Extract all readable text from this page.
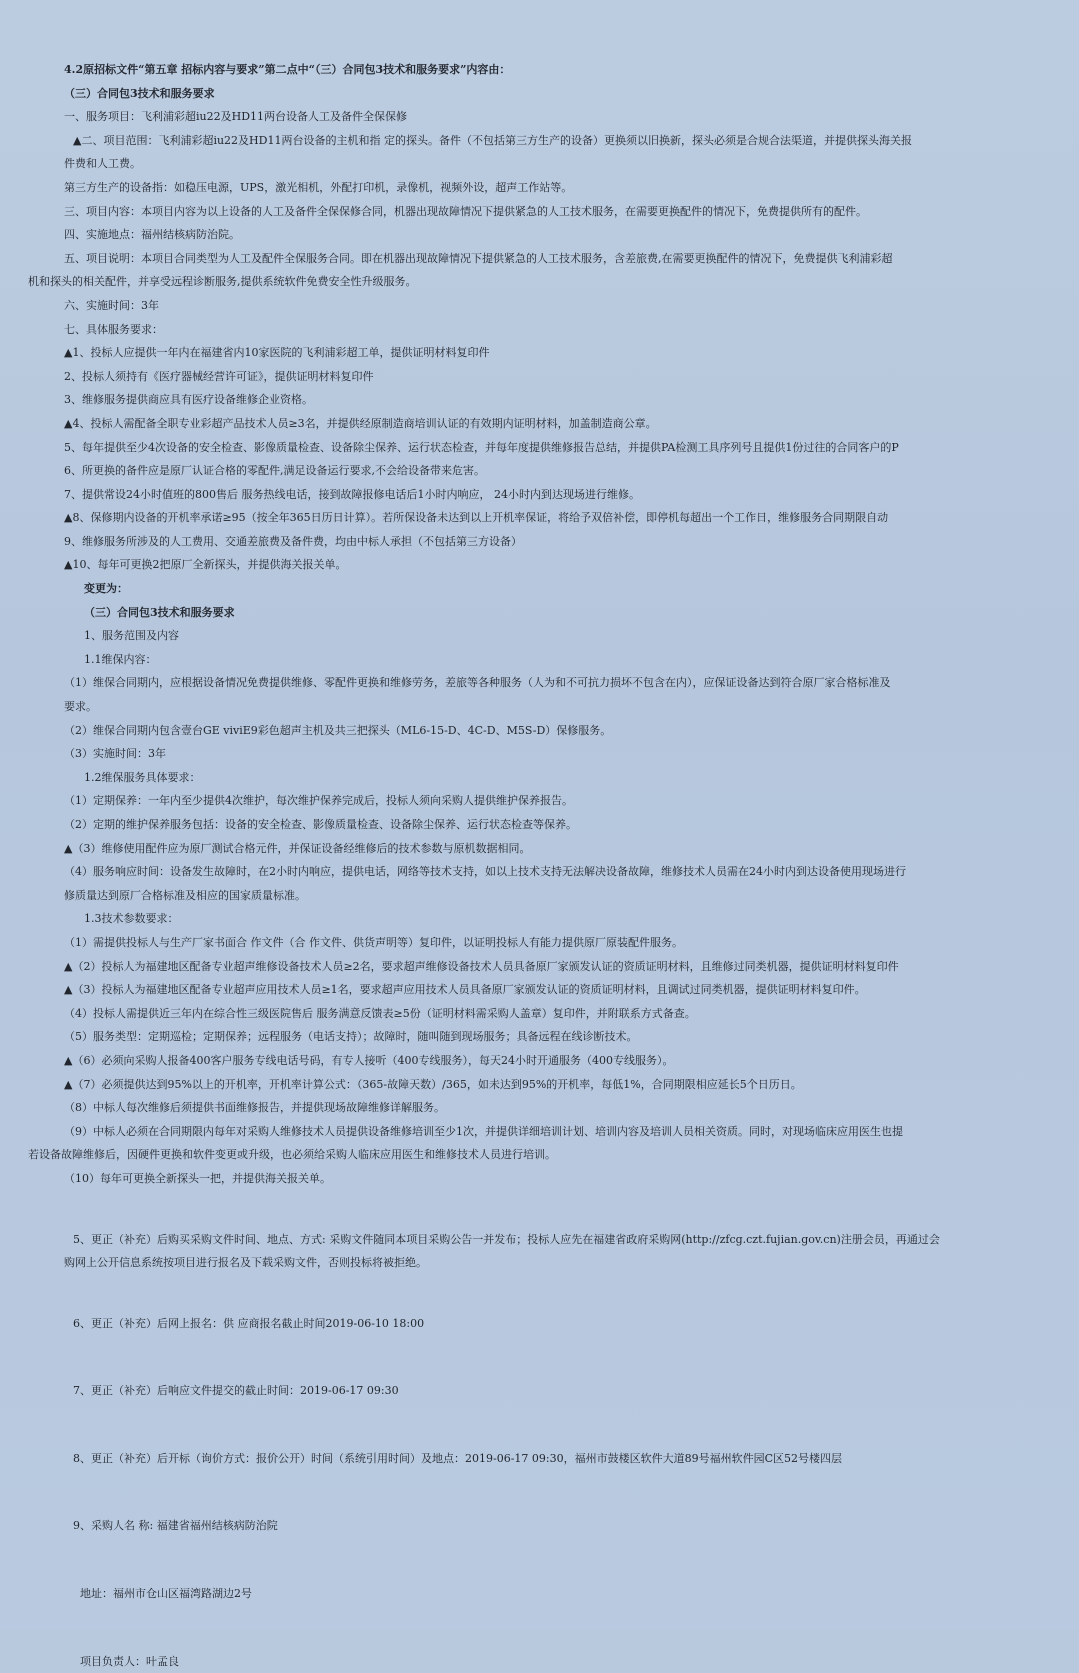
4.2原招标文件“第五章 招标内容与要求”第二点中“（三）合同包3技术和服务要求”内容由：
（三）合同包3技术和服务要求
一、服务项目：飞利浦彩超iu22及HD11两台设备人工及备件全保保修
▲二、项目范围：飞利浦彩超iu22及HD11两台设备的主机和指 定的探头。备件（不包括第三方生产的设备）更换须以旧换新，探头必须是合规合法渠道，并提供探头海关报
件费和人工费。
第三方生产的设备指：如稳压电源，UPS，激光相机，外配打印机，录像机，视频外设，超声工作站等。
三、项目内容：本项目内容为以上设备的人工及备件全保保修合同，机器出现故障情况下提供紧急的人工技术服务，在需要更换配件的情况下，免费提供所有的配件。
四、实施地点：福州结核病防治院。
五、项目说明：本项目合同类型为人工及配件全保服务合同。即在机器出现故障情况下提供紧急的人工技术服务，含差旅费,在需要更换配件的情况下，免费提供飞利浦彩超
机和探头的相关配件，并享受远程诊断服务,提供系统软件免费安全性升级服务。
六、实施时间：3年
七、具体服务要求：
▲1、投标人应提供一年内在福建省内10家医院的飞利浦彩超工单，提供证明材料复印件
2、投标人须持有《医疗器械经营许可证》，提供证明材料复印件
3、维修服务提供商应具有医疗设备维修企业资格。
▲4、投标人需配备全职专业彩超产品技术人员≥3名，并提供经原制造商培训认证的有效期内证明材料，加盖制造商公章。
5、每年提供至少4次设备的安全检查、影像质量检查、设备除尘保养、运行状态检查，并每年度提供维修报告总结，并提供PA检测工具序列号且提供1份过往的合同客户的P
6、所更换的备件应是原厂认证合格的零配件,满足设备运行要求,不会给设备带来危害。
7、提供常设24小时值班的800售后 服务热线电话，接到故障报修电话后1小时内响应， 24小时内到达现场进行维修。
▲8、保修期内设备的开机率承诺≥95（按全年365日历日计算）。若所保设备未达到以上开机率保证，将给予双倍补偿，即停机每超出一个工作日，维修服务合同期限自动
9、维修服务所涉及的人工费用、交通差旅费及备件费，均由中标人承担（不包括第三方设备）
▲10、每年可更换2把原厂全新探头，并提供海关报关单。
变更为：
（三）合同包3技术和服务要求
1、服务范围及内容
1.1维保内容：
（1）维保合同期内，应根据设备情况免费提供维修、零配件更换和维修劳务，差旅等各种服务（人为和不可抗力损坏不包含在内），应保证设备达到符合原厂家合格标准及
要求。
（2）维保合同期内包含壹台GE viviE9彩色超声主机及共三把探头（ML6-15-D、4C-D、M5S-D）保修服务。
（3）实施时间：3年
1.2维保服务具体要求：
（1）定期保养：一年内至少提供4次维护，每次维护保养完成后，投标人须向采购人提供维护保养报告。
（2）定期的维护保养服务包括：设备的安全检查、影像质量检查、设备除尘保养、运行状态检查等保养。
▲（3）维修使用配件应为原厂测试合格元件，并保证设备经维修后的技术参数与原机数据相同。
（4）服务响应时间：设备发生故障时，在2小时内响应，提供电话，网络等技术支持，如以上技术支持无法解决设备故障，维修技术人员需在24小时内到达设备使用现场进行
修质量达到原厂合格标准及相应的国家质量标准。
1.3技术参数要求：
（1）需提供投标人与生产厂家书面合 作文件（合 作文件、供货声明等）复印件，以证明投标人有能力提供原厂原装配件服务。
▲（2）投标人为福建地区配备专业超声维修设备技术人员≥2名，要求超声维修设备技术人员具备原厂家颁发认证的资质证明材料，且维修过同类机器，提供证明材料复印件
▲（3）投标人为福建地区配备专业超声应用技术人员≥1名，要求超声应用技术人员具备原厂家颁发认证的资质证明材料，且调试过同类机器，提供证明材料复印件。
（4）投标人需提供近三年内在综合性三级医院售后 服务满意反馈表≥5份（证明材料需采购人盖章）复印件，并附联系方式备查。
（5）服务类型：定期巡检；定期保养；远程服务（电话支持）；故障时，随叫随到现场服务；具备远程在线诊断技术。
▲（6）必须向采购人报备400客户服务专线电话号码，有专人接听（400专线服务），每天24小时开通服务（400专线服务）。
▲（7）必须提供达到95%以上的开机率，开机率计算公式：（365-故障天数）/365，如未达到95%的开机率，每低1%，合同期限相应延长5个日历日。
（8）中标人每次维修后须提供书面维修报告，并提供现场故障维修详解服务。
（9）中标人必须在合同期限内每年对采购人维修技术人员提供设备维修培训至少1次，并提供详细培训计划、培训内容及培训人员相关资质。同时，对现场临床应用医生也提
若设备故障维修后，因硬件更换和软件变更或升级，也必须给采购人临床应用医生和维修技术人员进行培训。
（10）每年可更换全新探头一把，并提供海关报关单。
5、更正（补充）后购买采购文件时间、地点、方式: 采购文件随同本项目采购公告一并发布；投标人应先在福建省政府采购网(http://zfcg.czt.fujian.gov.cn)注册会员，再通过会
购网上公开信息系统按项目进行报名及下载采购文件，否则投标将被拒绝。
6、更正（补充）后网上报名：供 应商报名截止时间2019-06-10 18:00
7、更正（补充）后响应文件提交的截止时间：2019-06-17 09:30
8、更正（补充）后开标（询价方式：报价公开）时间（系统引用时间）及地点：2019-06-17 09:30，福州市鼓楼区软件大道89号福州软件园C区52号楼四层
9、采购人名 称: 福建省福州结核病防治院
地址：福州市仓山区福湾路湖边2号
项目负责人：叶孟良
